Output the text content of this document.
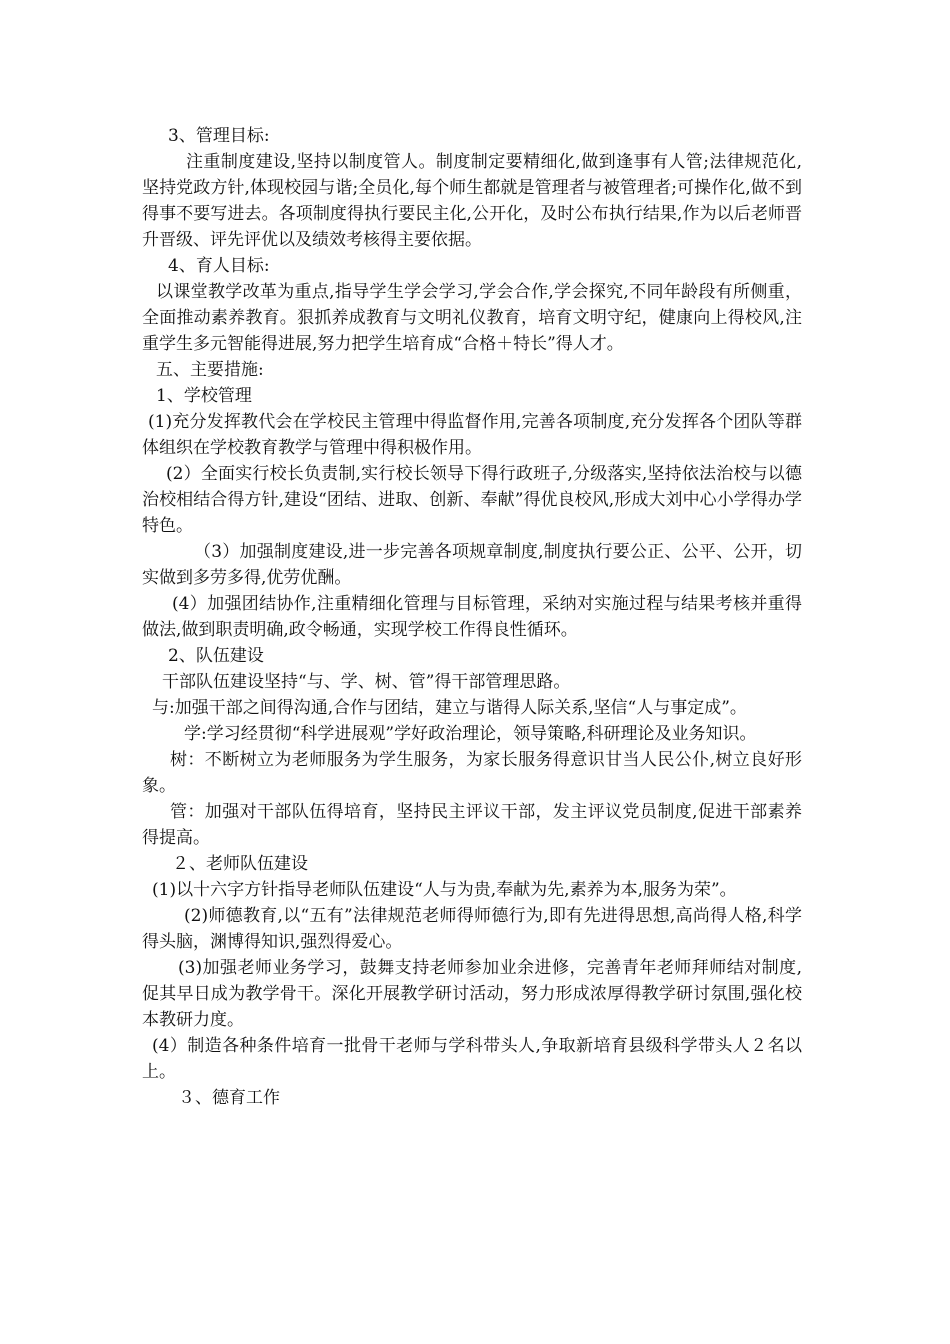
3、管理目标:

注重制度建设,坚持以制度管人。制度制定要精细化,做到逢事有人管;法律规范化,坚持党政方针,体现校园与谐;全员化,每个师生都就是管理者与被管理者;可操作化,做不到得事不要写进去。各项制度得执行要民主化,公开化，及时公布执行结果,作为以后老师晋升晋级、评先评优以及绩效考核得主要依据。

4、育人目标:

以课堂教学改革为重点,指导学生学会学习,学会合作,学会探究,不同年龄段有所侧重，全面推动素养教育。狠抓养成教育与文明礼仪教育，培育文明守纪，健康向上得校风,注重学生多元智能得进展,努力把学生培育成“合格＋特长”得人才。

五、主要措施:

1、学校管理

(1)充分发挥教代会在学校民主管理中得监督作用,完善各项制度,充分发挥各个团队等群体组织在学校教育教学与管理中得积极作用。

(2）全面实行校长负责制,实行校长领导下得行政班子,分级落实,坚持依法治校与以德治校相结合得方针,建设“团结、进取、创新、奉献”得优良校风,形成大刘中心小学得办学特色。

（3）加强制度建设,进一步完善各项规章制度,制度执行要公正、公平、公开，切实做到多劳多得,优劳优酬。

(4）加强团结协作,注重精细化管理与目标管理，采纳对实施过程与结果考核并重得做法,做到职责明确,政令畅通，实现学校工作得良性循环。

2、队伍建设

干部队伍建设坚持“与、学、树、管”得干部管理思路。

与:加强干部之间得沟通,合作与团结，建立与谐得人际关系,坚信“人与事定成”。

学:学习经贯彻“科学进展观”学好政治理论，领导策略,科研理论及业务知识。

树：不断树立为老师服务为学生服务，为家长服务得意识甘当人民公仆,树立良好形象。

管：加强对干部队伍得培育，坚持民主评议干部，发主评议党员制度,促进干部素养得提高。

２、老师队伍建设

(1)以十六字方针指导老师队伍建设“人与为贵,奉献为先,素养为本,服务为荣”。

(2)师德教育,以“五有”法律规范老师得师德行为,即有先进得思想,高尚得人格,科学得头脑，渊博得知识,强烈得爱心。

(3)加强老师业务学习，鼓舞支持老师参加业余进修，完善青年老师拜师结对制度,促其早日成为教学骨干。深化开展教学研讨活动，努力形成浓厚得教学研讨氛围,强化校本教研力度。

(4）制造各种条件培育一批骨干老师与学科带头人,争取新培育县级科学带头人２名以上。

３、德育工作
